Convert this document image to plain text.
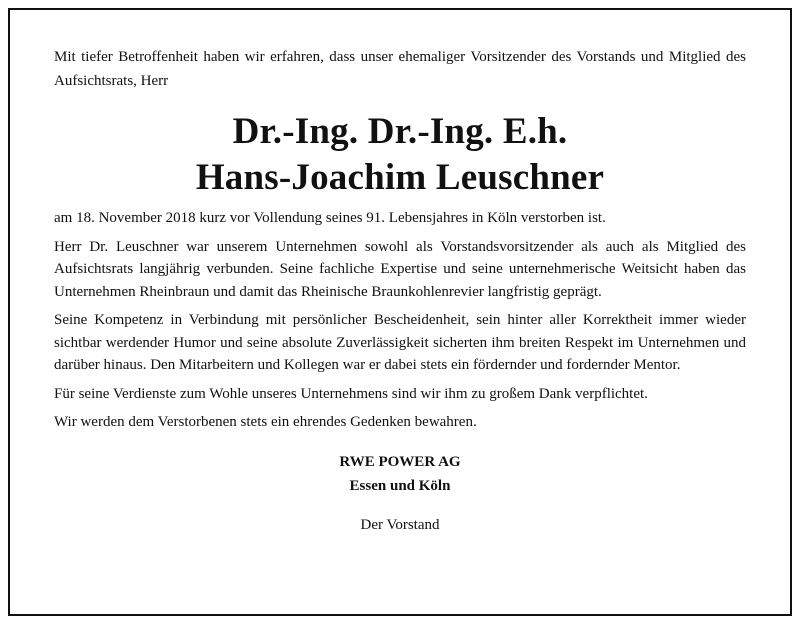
Mit tiefer Betroffenheit haben wir erfahren, dass unser ehemaliger Vorsitzender des Vorstands und Mitglied des Aufsichtsrats, Herr

Dr.-Ing. Dr.-Ing. E.h.
Hans-Joachim Leuschner

am 18. November 2018 kurz vor Vollendung seines 91. Lebensjahres in Köln verstorben ist.

Herr Dr. Leuschner war unserem Unternehmen sowohl als Vorstandsvorsitzender als auch als Mitglied des Aufsichtsrats langjährig verbunden. Seine fachliche Expertise und seine unternehmerische Weitsicht haben das Unternehmen Rheinbraun und damit das Rheinische Braunkohlenrevier langfristig geprägt.

Seine Kompetenz in Verbindung mit persönlicher Bescheidenheit, sein hinter aller Korrektheit immer wieder sichtbar werdender Humor und seine absolute Zuverlässigkeit sicherten ihm breiten Respekt im Unternehmen und darüber hinaus. Den Mitarbeitern und Kollegen war er dabei stets ein fördernder und fordernder Mentor.

Für seine Verdienste zum Wohle unseres Unternehmens sind wir ihm zu großem Dank verpflichtet.

Wir werden dem Verstorbenen stets ein ehrendes Gedenken bewahren.

RWE POWER AG
Essen und Köln
Der Vorstand
